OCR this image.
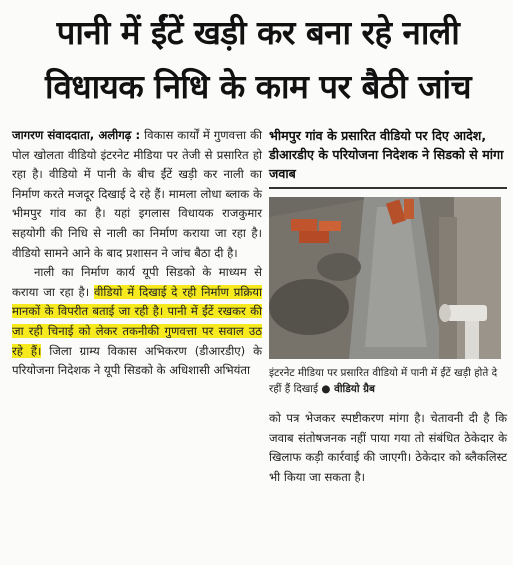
पानी में ईंटें खड़ी कर बना रहे नाली
विधायक निधि के काम पर बैठी जांच

जागरण संवाददाता, अलीगढ़ : विकास कार्यों में गुणवत्ता की पोल खोलता वीडियो इंटरनेट मीडिया पर तेजी से प्रसारित हो रहा है। वीडियो में पानी के बीच ईंटें खड़ी कर नाली का निर्माण करते मजदूर दिखाई दे रहे हैं। मामला लोधा ब्लाक के भीमपुर गांव का है। यहां इगलास विधायक राजकुमार सहयोगी की निधि से नाली का निर्माण कराया जा रहा है। वीडियो सामने आने के बाद प्रशासन ने जांच बैठा दी है।

नाली का निर्माण कार्य यूपी सिडको के माध्यम से कराया जा रहा है। वीडियो में दिखाई दे रही निर्माण प्रक्रिया मानकों के विपरीत बताई जा रही है। पानी में ईंटें रखकर की जा रही चिनाई को लेकर तकनीकी गुणवत्ता पर सवाल उठ रहे हैं। जिला ग्राम्य विकास अभिकरण (डीआरडीए) के परियोजना निदेशक ने यूपी सिडको के अधिशासी अभियंता

भीमपुर गांव के प्रसारित वीडियो पर दिए आदेश, डीआरडीए के परियोजना निदेशक ने सिडको से मांगा जवाब
इंटरनेट मीडिया पर प्रसारित वीडियो में पानी में ईंटें खड़ी होते दे रहीं हैं दिखाई ● वीडियो ग्रैब
को पत्र भेजकर स्पष्टीकरण मांगा है। चेतावनी दी है कि जवाब संतोषजनक नहीं पाया गया तो संबंधित ठेकेदार के खिलाफ कड़ी कार्रवाई की जाएगी। ठेकेदार को ब्लैकलिस्ट भी किया जा सकता है।
